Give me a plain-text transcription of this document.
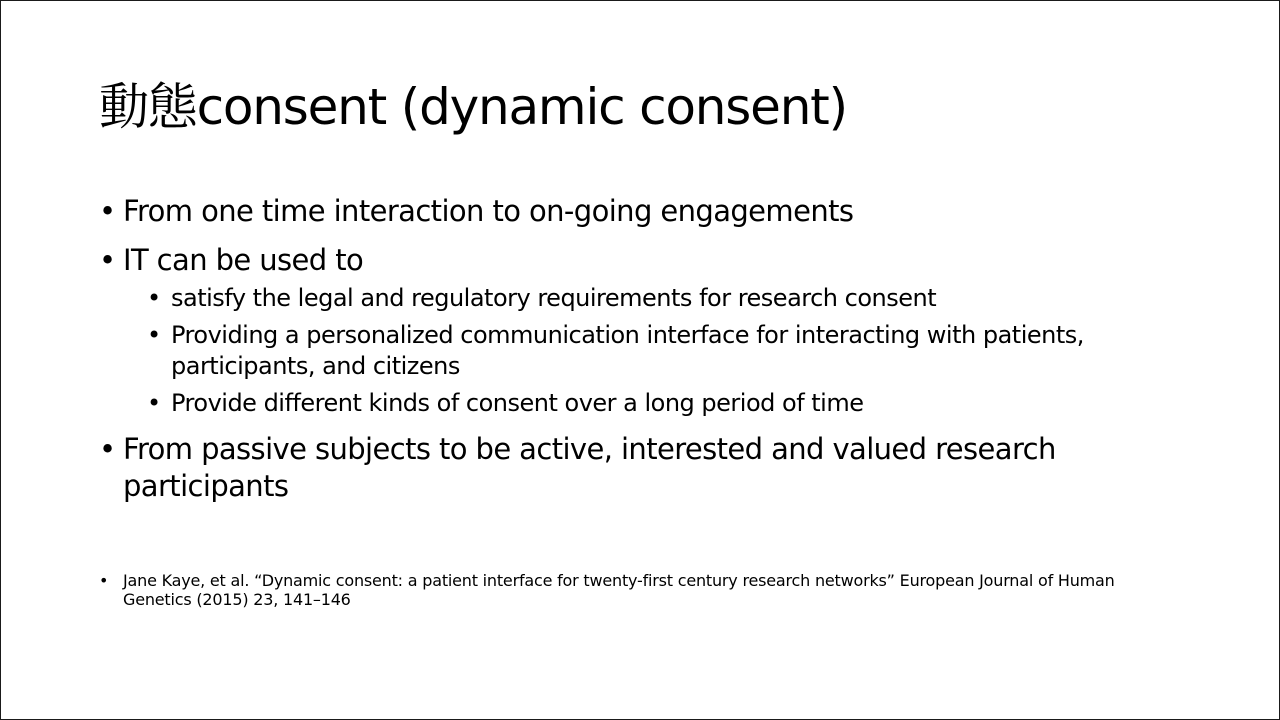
動態consent (dynamic consent)
• From one time interaction to on-going engagements
• IT can be used to
• satisfy the legal and regulatory requirements for research consent
• Providing a personalized communication interface for interacting with patients, participants, and citizens
• Provide different kinds of consent over a long period of time
• From passive subjects to be active, interested and valued research participants
• Jane Kaye, et al. “Dynamic consent: a patient interface for twenty-first century research networks” European Journal of Human Genetics (2015) 23, 141–146
